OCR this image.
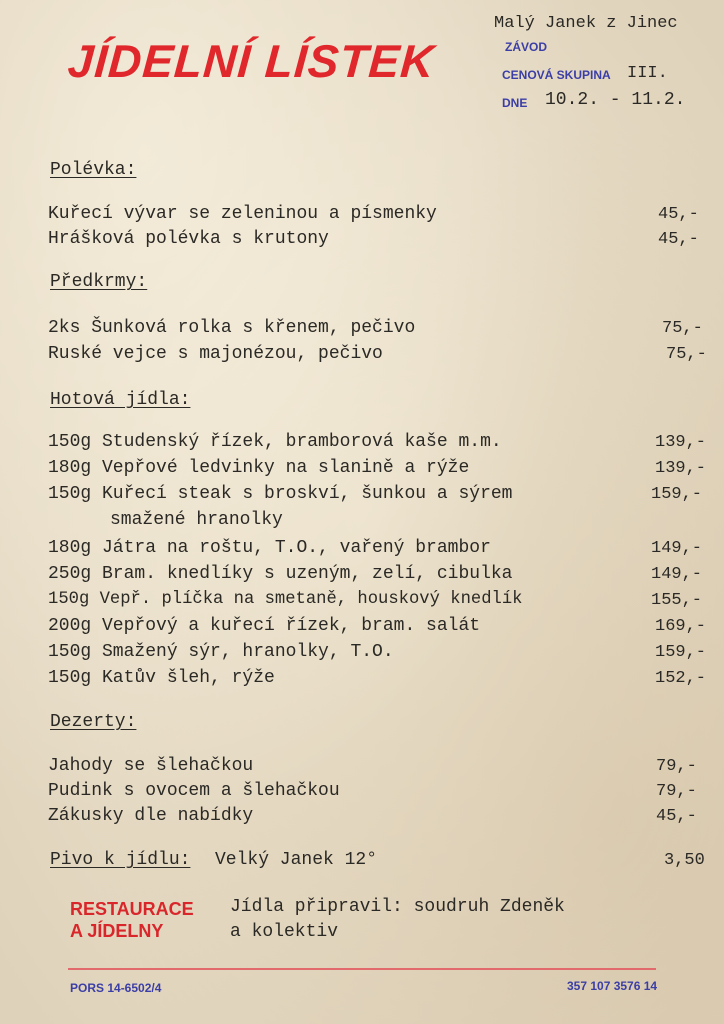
JÍDELNÍ LÍSTEK
Malý Janek z Jinec
ZÁVOD
CENOVÁ SKUPINA III.
DNE 10.2. - 11.2.
Polévka:
Kuřecí vývar se zeleninou a písmenky	45,-
Hrášková polévka s krutony	45,-
Předkrmy:
2ks Šunková rolka s křenem, pečivo	75,-
Ruské vejce s majonézou, pečivo	75,-
Hotová jídla:
150g Studenský řízek, bramborová kaše m.m.	139,-
180g Vepřové ledvinky na slanině a rýže	139,-
150g Kuřecí steak s broskví, šunkou a sýrem	159,-
smažené hranolky
180g Játra na roštu, T.O., vařený brambor	149,-
250g Bram. knedlíky s uzeným, zelí, cibulka	149,-
150g Vepř. plíčka na smetaně, houskový knedlík	155,-
200g Vepřový a kuřecí řízek, bram. salát	169,-
150g Smažený sýr, hranolky, T.O.	159,-
150g Katův šleh, rýže	152,-
Dezerty:
Jahody se šlehačkou	79,-
Pudink s ovocem a šlehačkou	79,-
Zákusky dle nabídky	45,-
Pivo k jídlu: Velký Janek 12°	3,50
RESTAURACE
A JÍDELNY
Jídla připravil: soudruh Zdeněk
a kolektiv
PORS 14-6502/4	357 107 3576 14
